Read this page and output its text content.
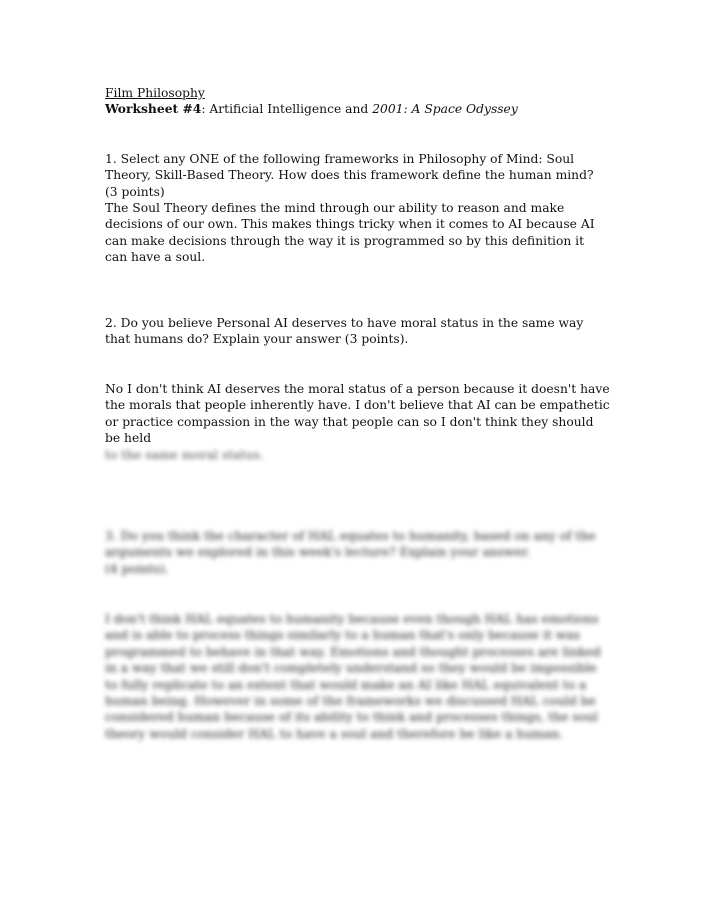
Film Philosophy
Worksheet #4: Artificial Intelligence and 2001: A Space Odyssey
1. Select any ONE of the following frameworks in Philosophy of Mind: Soul Theory, Skill-Based Theory. How does this framework define the human mind? (3 points)
The Soul Theory defines the mind through our ability to reason and make decisions of our own. This makes things tricky when it comes to AI because AI can make decisions through the way it is programmed so by this definition it can have a soul.
2. Do you believe Personal AI deserves to have moral status in the same way that humans do? Explain your answer (3 points).
No I don't think AI deserves the moral status of a person because it doesn't have the morals that people inherently have. I don't believe that AI can be empathetic or practice compassion in the way that people can so I don't think they should be held
to the same moral status.
3. Do you think the character of HAL equates to humanity, based on any of the arguments we explored in this week's lecture? Explain your answer.
(4 points).
I don't think HAL equates to humanity because even though HAL has emotions and is able to process things similarly to a human that's only because it was programmed to behave in that way. Emotions and thought processes are linked in a way that we still don't completely understand so they would be impossible to fully replicate to an extent that would make an AI like HAL equivalent to a human being. However in some of the frameworks we discussed HAL could be considered human because of its ability to think and processes things, the soul theory would consider HAL to have a soul and therefore be like a human.
